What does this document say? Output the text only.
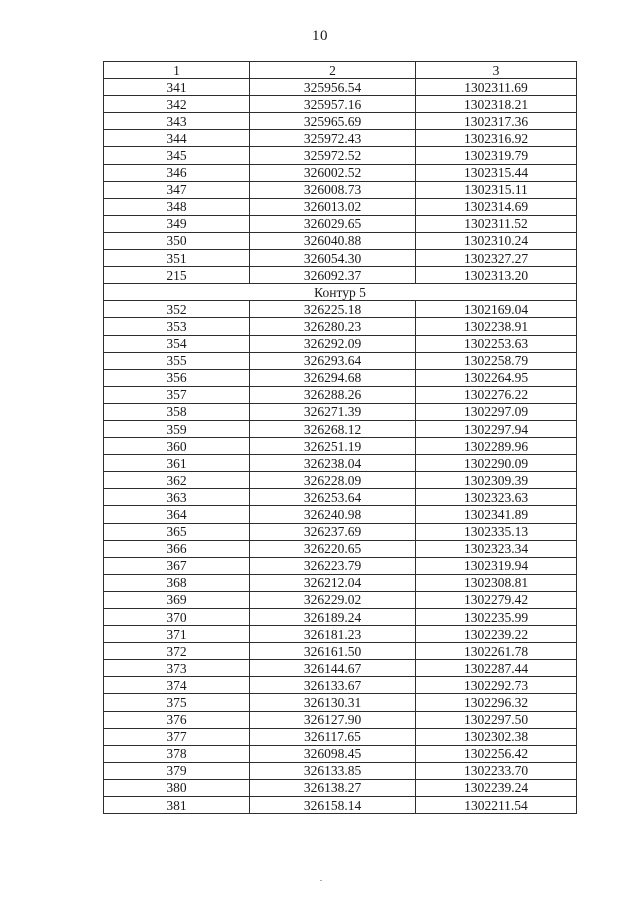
10
1	2	3
341	325956.54	1302311.69
342	325957.16	1302318.21
343	325965.69	1302317.36
344	325972.43	1302316.92
345	325972.52	1302319.79
346	326002.52	1302315.44
347	326008.73	1302315.11
348	326013.02	1302314.69
349	326029.65	1302311.52
350	326040.88	1302310.24
351	326054.30	1302327.27
215	326092.37	1302313.20
Контур 5		
352	326225.18	1302169.04
353	326280.23	1302238.91
354	326292.09	1302253.63
355	326293.64	1302258.79
356	326294.68	1302264.95
357	326288.26	1302276.22
358	326271.39	1302297.09
359	326268.12	1302297.94
360	326251.19	1302289.96
361	326238.04	1302290.09
362	326228.09	1302309.39
363	326253.64	1302323.63
364	326240.98	1302341.89
365	326237.69	1302335.13
366	326220.65	1302323.34
367	326223.79	1302319.94
368	326212.04	1302308.81
369	326229.02	1302279.42
370	326189.24	1302235.99
371	326181.23	1302239.22
372	326161.50	1302261.78
373	326144.67	1302287.44
374	326133.67	1302292.73
375	326130.31	1302296.32
376	326127.90	1302297.50
377	326117.65	1302302.38
378	326098.45	1302256.42
379	326133.85	1302233.70
380	326138.27	1302239.24
381	326158.14	1302211.54
